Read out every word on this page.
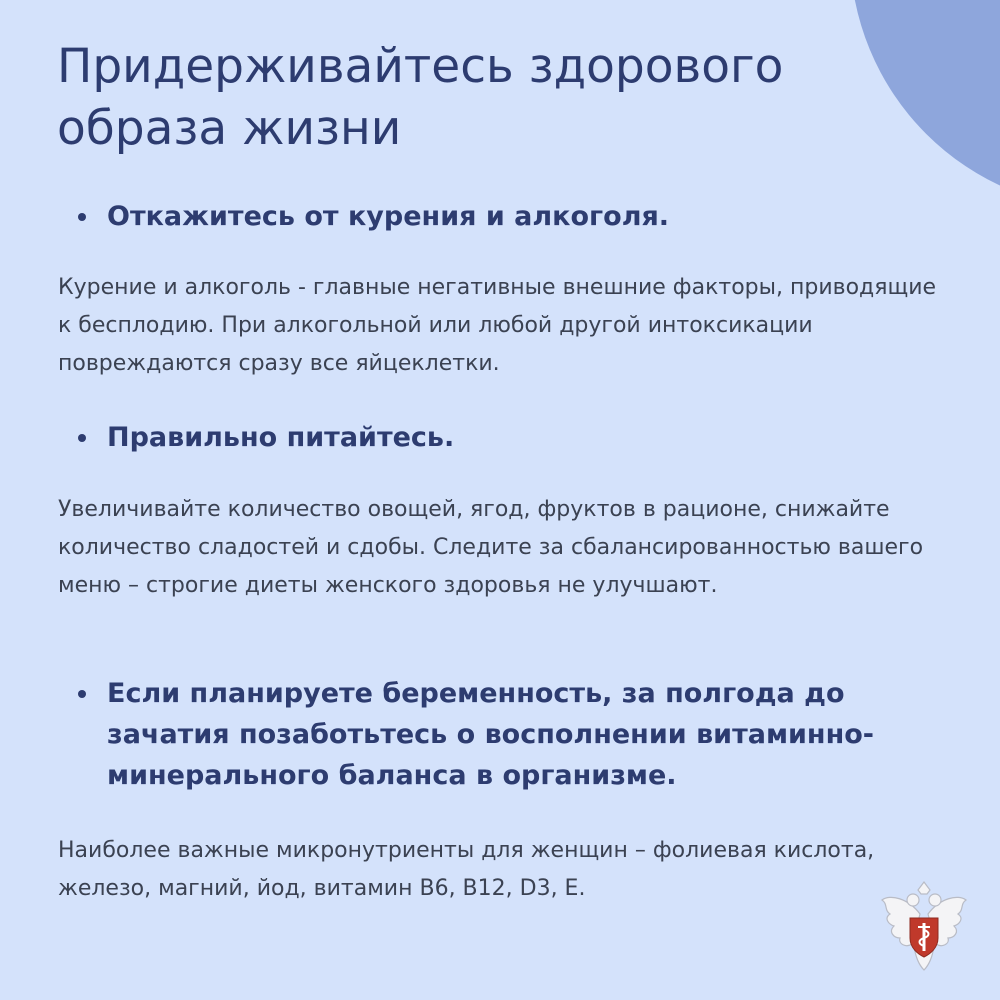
Придерживайтесь здорового образа жизни
Откажитесь от курения и алкоголя.

Курение и алкоголь - главные негативные внешние факторы, приводящие к бесплодию. При алкогольной или любой другой интоксикации повреждаются сразу все яйцеклетки.

Правильно питайтесь.

Увеличивайте количество овощей, ягод, фруктов в рационе, снижайте количество сладостей и сдобы. Следите за сбалансированностью вашего меню – строгие диеты женского здоровья не улучшают.

Если планируете беременность, за полгода до зачатия позаботьтесь о восполнении витаминно-минерального баланса в организме.

Наиболее важные микронутриенты для женщин – фолиевая кислота, железо, магний, йод, витамин B6, B12, D3, E.
